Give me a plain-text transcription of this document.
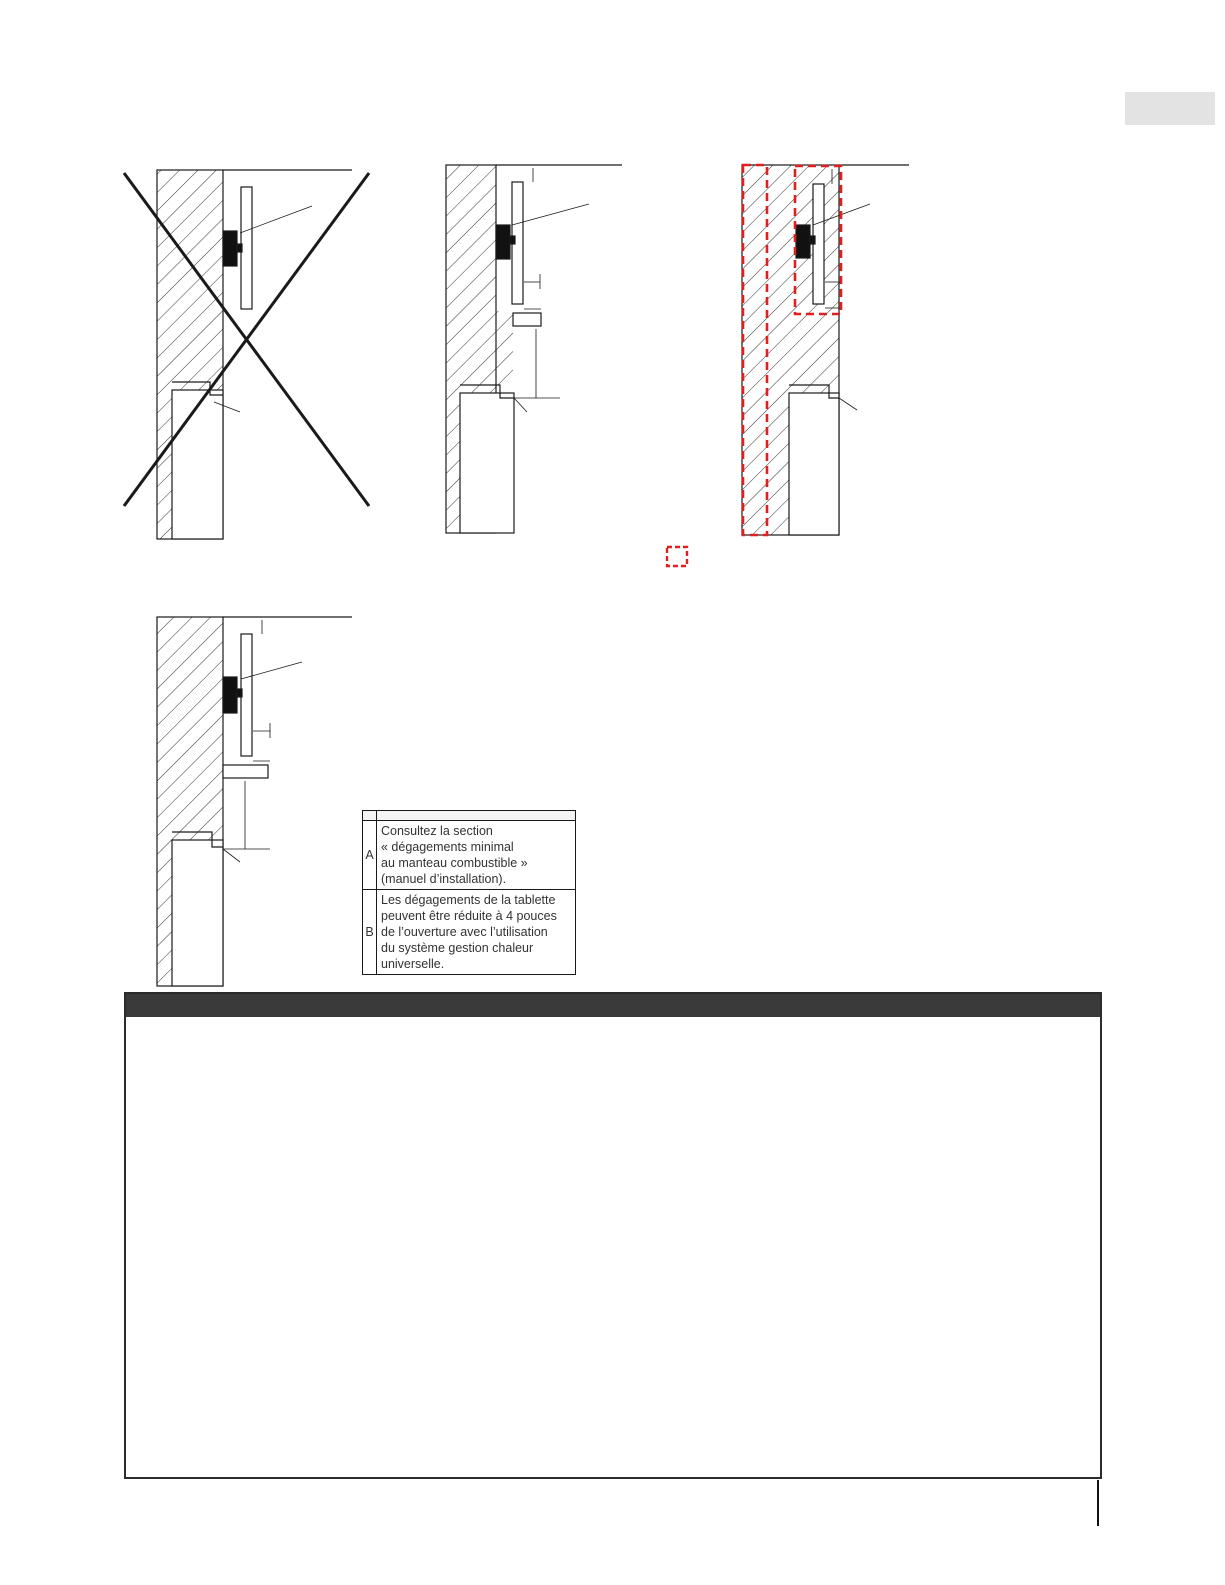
A	Consultez la section
« dégagements minimal
au manteau combustible »
(manuel d’installation).

B	Les dégagements de la tablette
peuvent être réduite à 4 pouces
de l’ouverture avec l’utilisation
du système gestion chaleur
universelle.
